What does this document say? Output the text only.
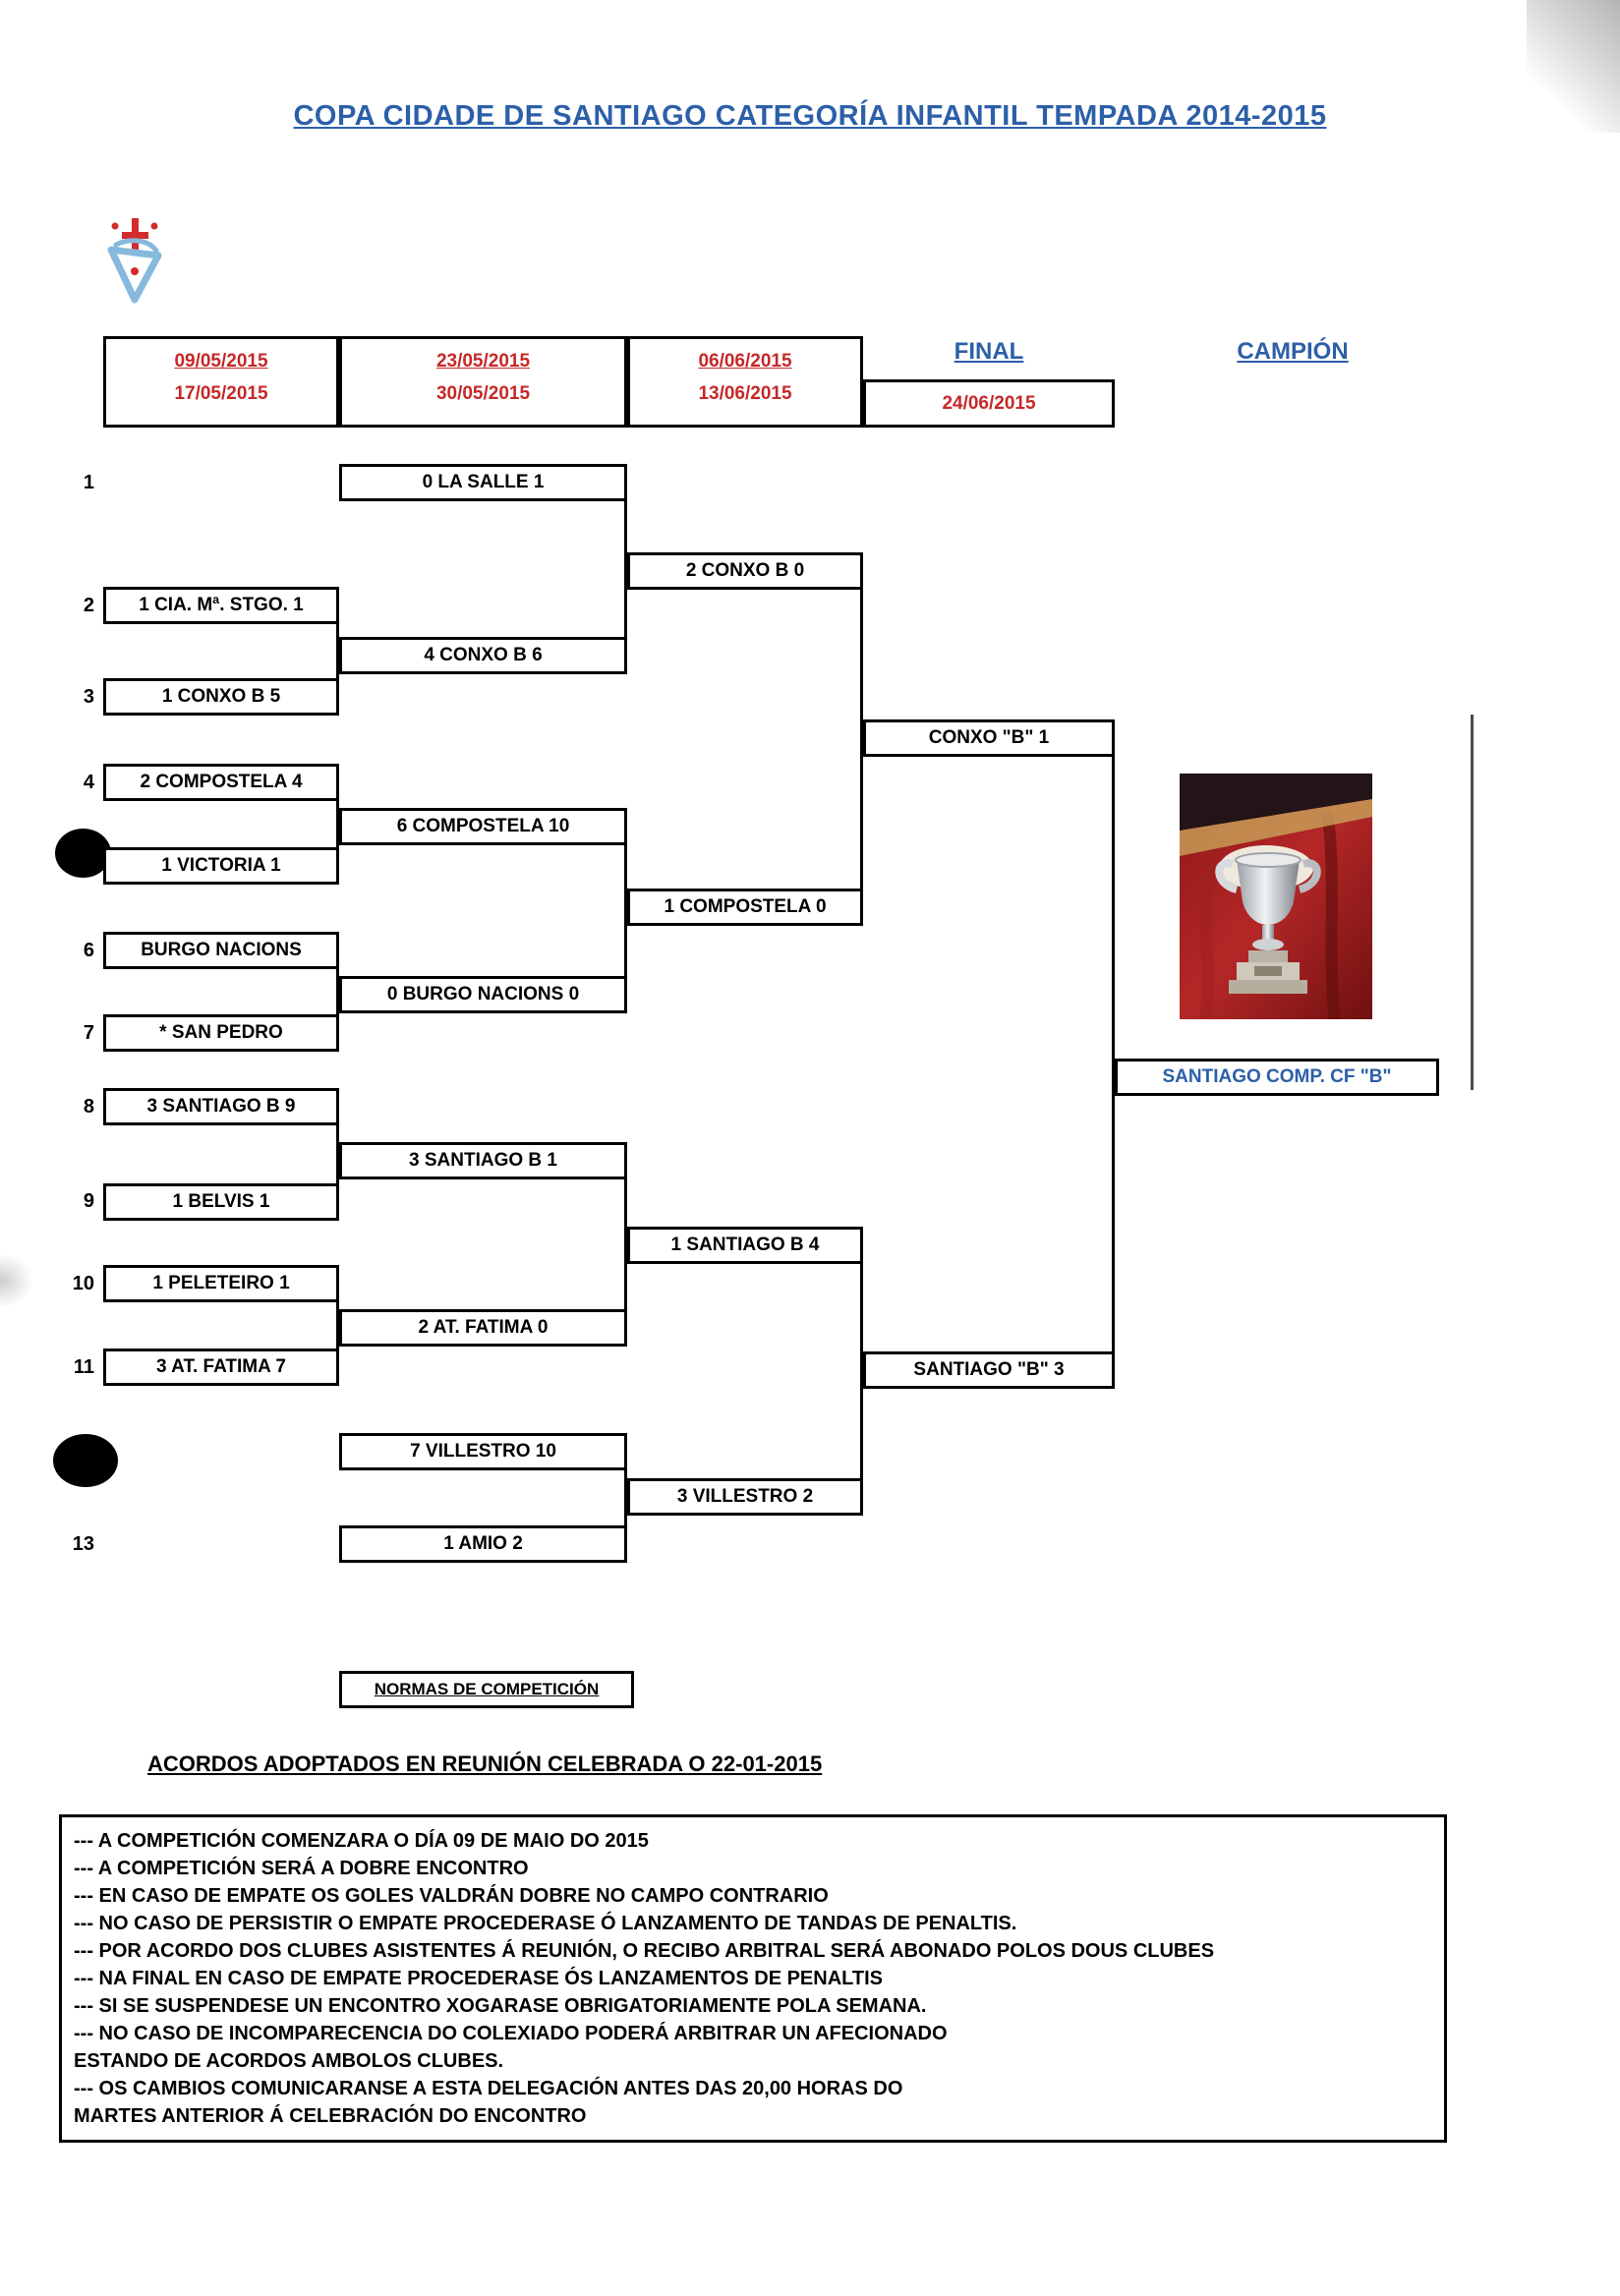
COPA CIDADE DE SANTIAGO CATEGORÍA INFANTIL TEMPADA 2014-2015
09/05/2015
17/05/2015
23/05/2015
30/05/2015
06/06/2015
13/06/2015
FINAL
24/06/2015
CAMPIÓN
1
2
3
4
6
7
8
9
10
11
13
0 LA SALLE 1
2 CONXO B 0
1 CIA. Mª. STGO. 1
4 CONXO B 6
1 CONXO B 5
CONXO "B" 1
2 COMPOSTELA 4
6 COMPOSTELA 10
1 VICTORIA 1
1 COMPOSTELA 0
BURGO NACIONS
0 BURGO NACIONS 0
* SAN PEDRO
SANTIAGO COMP. CF "B"
3 SANTIAGO B 9
3 SANTIAGO B 1
1 BELVIS 1
1 SANTIAGO B 4
1 PELETEIRO 1
2 AT. FATIMA 0
3 AT. FATIMA 7	SANTIAGO "B" 3
7 VILLESTRO 10
3 VILLESTRO 2
1 AMIO 2
NORMAS DE COMPETICIÓN
ACORDOS ADOPTADOS EN REUNIÓN CELEBRADA O 22-01-2015
--- A COMPETICIÓN COMENZARA O DÍA 09 DE MAIO DO 2015
--- A COMPETICIÓN SERÁ A DOBRE ENCONTRO
--- EN CASO DE EMPATE OS GOLES VALDRÁN DOBRE NO CAMPO CONTRARIO
--- NO CASO DE PERSISTIR O EMPATE PROCEDERASE Ó LANZAMENTO DE TANDAS DE PENALTIS.
--- POR ACORDO DOS CLUBES ASISTENTES Á REUNIÓN, O RECIBO ARBITRAL SERÁ ABONADO POLOS DOUS CLUBES
--- NA FINAL EN CASO DE EMPATE PROCEDERASE ÓS LANZAMENTOS DE PENALTIS
--- SI SE SUSPENDESE UN ENCONTRO XOGARASE OBRIGATORIAMENTE POLA SEMANA.
--- NO CASO DE INCOMPARECENCIA DO COLEXIADO PODERÁ ARBITRAR UN AFECIONADO
ESTANDO DE ACORDOS AMBOLOS CLUBES.
--- OS CAMBIOS COMUNICARANSE A ESTA DELEGACIÓN ANTES DAS 20,00 HORAS DO
MARTES ANTERIOR Á CELEBRACIÓN DO ENCONTRO
